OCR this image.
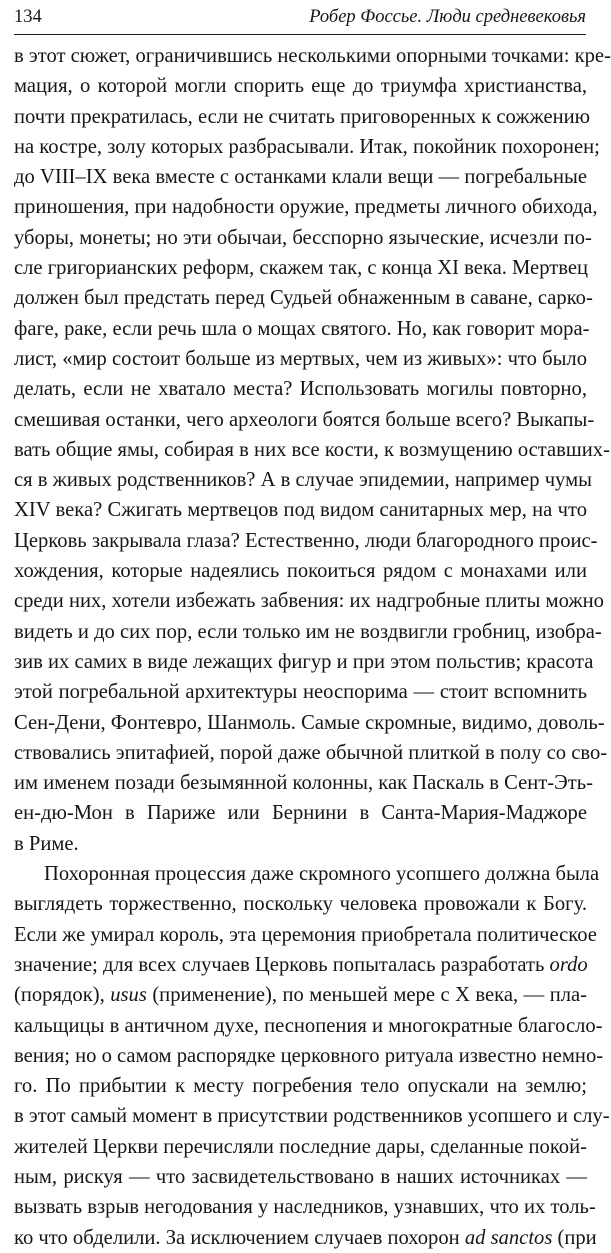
134	Робер Фоссье. Люди средневековья
в этот сюжет, ограничившись несколькими опорными точками: кре-
мация, о которой могли спорить еще до триумфа христианства,
почти прекратилась, если не считать приговоренных к сожжению
на костре, золу которых разбрасывали. Итак, покойник похоронен;
до VIII–IX века вместе с останками клали вещи — погребальные
приношения, при надобности оружие, предметы личного обихода,
уборы, монеты; но эти обычаи, бесспорно языческие, исчезли по-
сле григорианских реформ, скажем так, с конца XI века. Мертвец
должен был предстать перед Судьей обнаженным в саване, сарко-
фаге, раке, если речь шла о мощах святого. Но, как говорит мора-
лист, «мир состоит больше из мертвых, чем из живых»: что было
делать, если не хватало места? Использовать могилы повторно,
смешивая останки, чего археологи боятся больше всего? Выкапы-
вать общие ямы, собирая в них все кости, к возмущению оставших-
ся в живых родственников? А в случае эпидемии, например чумы
XIV века? Сжигать мертвецов под видом санитарных мер, на что
Церковь закрывала глаза? Естественно, люди благородного проис-
хождения, которые надеялись покоиться рядом с монахами или
среди них, хотели избежать забвения: их надгробные плиты можно
видеть и до сих пор, если только им не воздвигли гробниц, изобра-
зив их самих в виде лежащих фигур и при этом польстив; красота
этой погребальной архитектуры неоспорима — стоит вспомнить
Сен-Дени, Фонтевро, Шанмоль. Самые скромные, видимо, доволь-
ствовались эпитафией, порой даже обычной плиткой в полу со сво-
им именем позади безымянной колонны, как Паскаль в Сент-Эть-
ен-дю-Мон в Париже или Бернини в Санта-Мария-Маджоре
в Риме.
Похоронная процессия даже скромного усопшего должна была
выглядеть торжественно, поскольку человека провожали к Богу.
Если же умирал король, эта церемония приобретала политическое
значение; для всех случаев Церковь попыталась разработать ordo
(порядок), usus (применение), по меньшей мере с X века, — пла-
кальщицы в античном духе, песнопения и многократные благосло-
вения; но о самом распорядке церковного ритуала известно немно-
го. По прибытии к месту погребения тело опускали на землю;
в этот самый момент в присутствии родственников усопшего и слу-
жителей Церкви перечисляли последние дары, сделанные покой-
ным, рискуя — что засвидетельствовано в наших источниках —
вызвать взрыв негодования у наследников, узнавших, что их толь-
ко что обделили. За исключением случаев похорон ad sanctos (при
